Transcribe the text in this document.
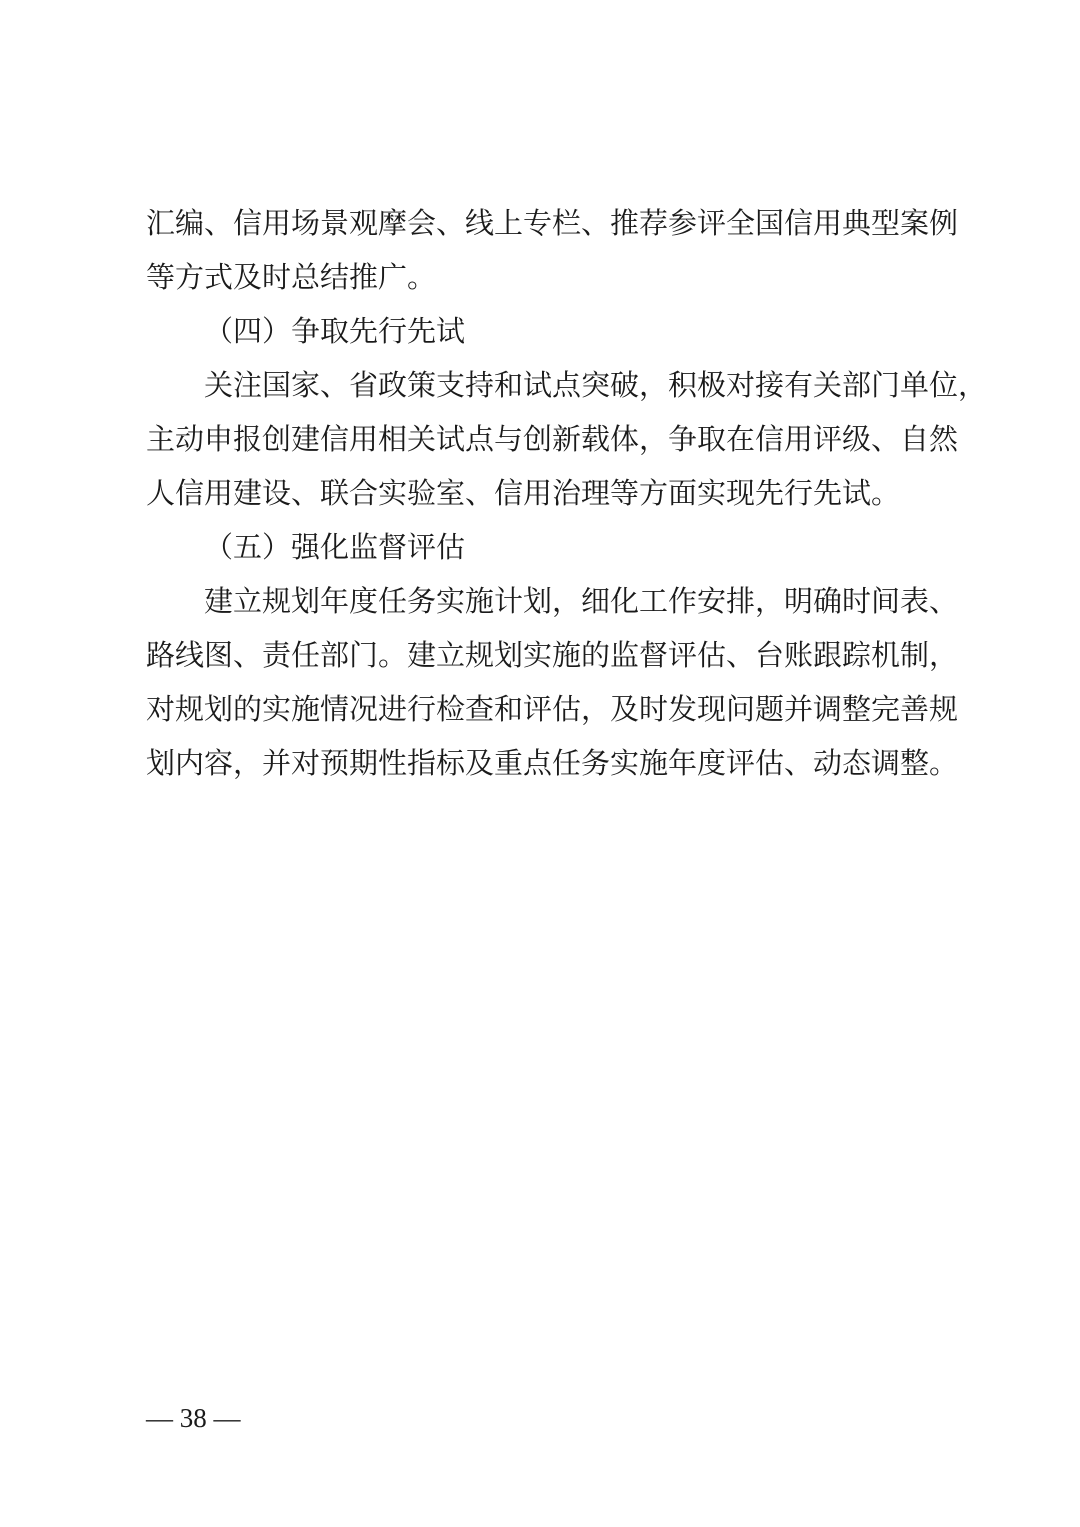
汇编、信用场景观摩会、线上专栏、推荐参评全国信用典型案例
等方式及时总结推广。
（四）争取先行先试
关注国家、省政策支持和试点突破，积极对接有关部门单位，
主动申报创建信用相关试点与创新载体，争取在信用评级、自然
人信用建设、联合实验室、信用治理等方面实现先行先试。
（五）强化监督评估
建立规划年度任务实施计划，细化工作安排，明确时间表、
路线图、责任部门。建立规划实施的监督评估、台账跟踪机制，
对规划的实施情况进行检查和评估，及时发现问题并调整完善规
划内容，并对预期性指标及重点任务实施年度评估、动态调整。
— 38 —
